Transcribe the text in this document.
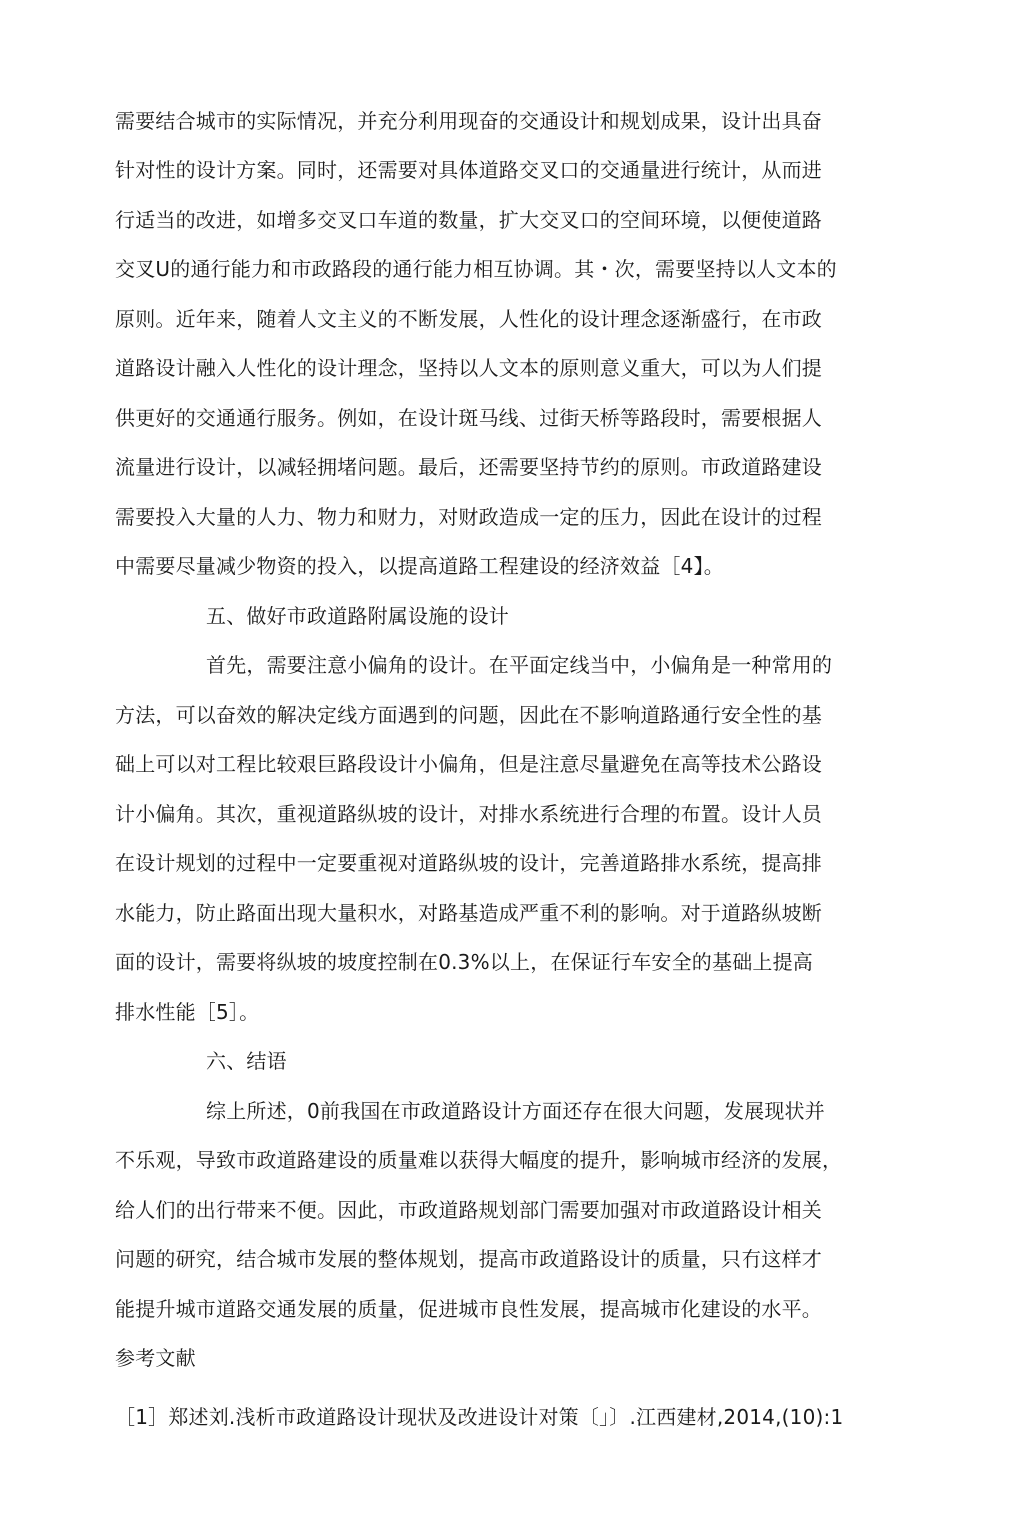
需要结合城市的实际情况，并充分利用现奋的交通设计和规划成果，设计出具奋
针对性的设计方案。同时，还需要对具体道路交叉口的交通量进行统计，从而进
行适当的改进，如增多交叉口车道的数量，扩大交叉口的空间环境，以便使道路
交叉U的通行能力和市政路段的通行能力相互协调。其・次，需要坚持以人文本的
原则。近年来，随着人文主义的不断发展，人性化的设计理念逐渐盛行，在市政
道路设计融入人性化的设计理念，坚持以人文本的原则意义重大，可以为人们提
供更好的交通通行服务。例如，在设计斑马线、过街天桥等路段时，需要根据人
流量进行设计，以减轻拥堵问题。最后，还需要坚持节约的原则。市政道路建设
需要投入大量的人力、物力和财力，对财政造成一定的压力，因此在设计的过程
中需要尽量减少物资的投入，以提高道路工程建设的经济效益［4】。
五、做好市政道路附属设施的设计
首先，需要注意小偏角的设计。在平面定线当中，小偏角是一种常用的
方法，可以奋效的解决定线方面遇到的问题，因此在不影响道路通行安全性的基
础上可以对工程比较艰巨路段设计小偏角，但是注意尽量避免在高等技术公路设
计小偏角。其次，重视道路纵坡的设计，对排水系统进行合理的布置。设计人员
在设计规划的过程中一定要重视对道路纵坡的设计，完善道路排水系统，提高排
水能力，防止路面出现大量积水，对路基造成严重不利的影响。对于道路纵坡断
面的设计，需要将纵坡的坡度控制在0.3%以上，在保证行车安全的基础上提高
排水性能［5］。
六、结语
综上所述，0前我国在市政道路设计方面还存在很大问题，发展现状并
不乐观，导致市政道路建设的质量难以获得大幅度的提升，影响城市经济的发展，
给人们的出行带来不便。因此，市政道路规划部门需要加强对市政道路设计相关
问题的研究，结合城市发展的整体规划，提高市政道路设计的质量，只冇这样才
能提升城市道路交通发展的质量，促进城市良性发展，提高城市化建设的水平。
参考文献
［1］郑述刘.浅析市政道路设计现状及改进设计对策〔」〕.江西建材,2014,(10):1
